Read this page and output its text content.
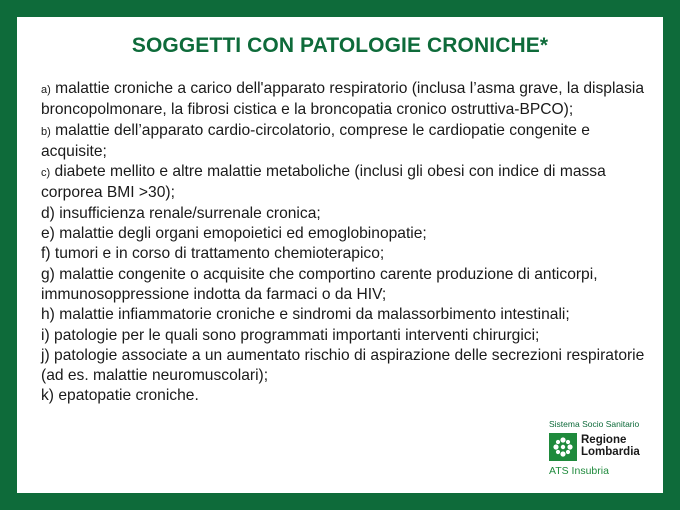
SOGGETTI CON PATOLOGIE CRONICHE*
a) malattie croniche a carico dell'apparato respiratorio (inclusa l’asma grave, la displasia broncopolmonare, la fibrosi cistica e la broncopatia cronico ostruttiva-BPCO);
b) malattie dell’apparato cardio-circolatorio, comprese le cardiopatie congenite e acquisite;
c) diabete mellito e altre malattie metaboliche (inclusi gli obesi con indice di massa corporea BMI >30);
d) insufficienza renale/surrenale cronica;
e) malattie degli organi emopoietici ed emoglobinopatie;
f) tumori e in corso di trattamento chemioterapico;
g) malattie congenite o acquisite che comportino carente produzione di anticorpi, immunosoppressione indotta da farmaci o da HIV;
h) malattie infiammatorie croniche e sindromi da malassorbimento intestinali;
i) patologie per le quali sono programmati importanti interventi chirurgici;
j) patologie associate a un aumentato rischio di aspirazione delle secrezioni respiratorie (ad es. malattie neuromuscolari);
k) epatopatie croniche.
Sistema Socio Sanitario
Regione
Lombardia
ATS Insubria
